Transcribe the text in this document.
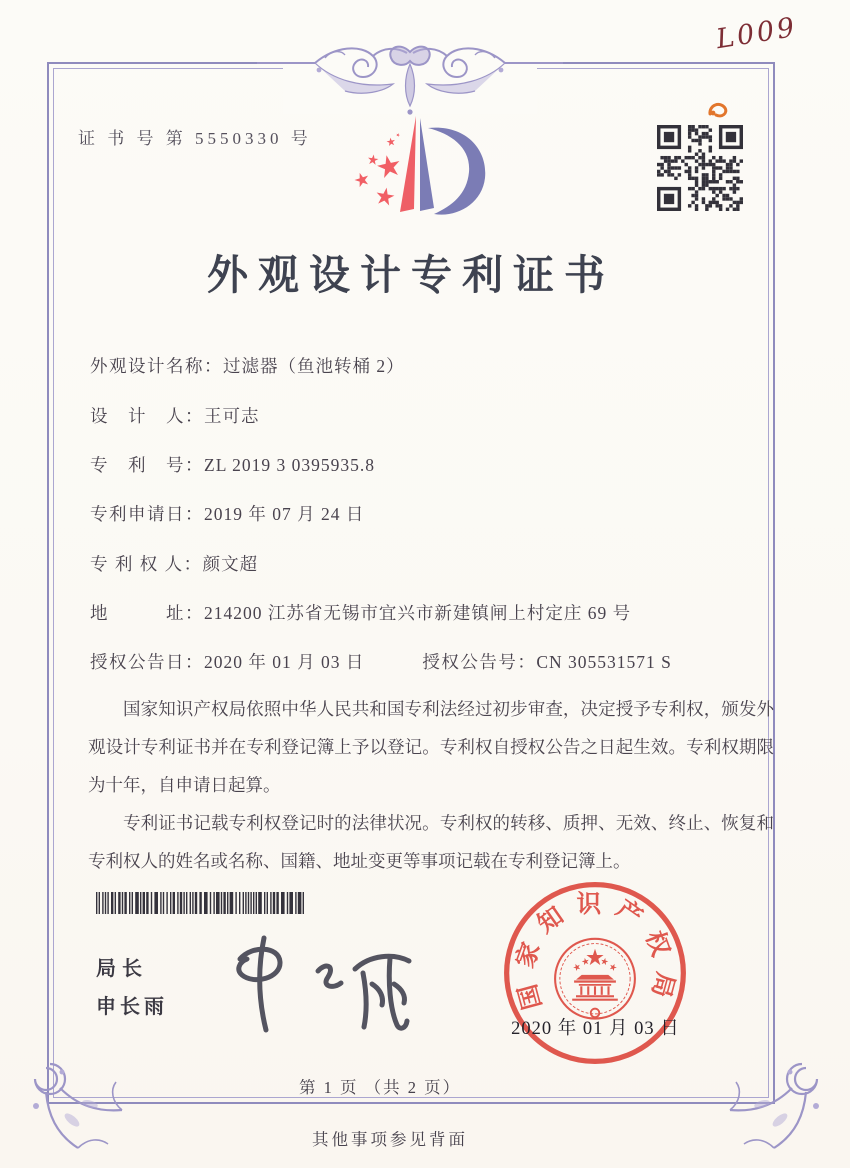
L009
证 书 号 第 5550330 号
外观设计专利证书
外观设计名称：过滤器（鱼池转桶 2）
设　计　人：王可志
专　利　号：ZL 2019 3 0395935.8
专利申请日：2019 年 07 月 24 日
专 利 权 人：颜文超
地　　　址：214200 江苏省无锡市宜兴市新建镇闸上村定庄 69 号
授权公告日：2020 年 01 月 03 日	授权公告号：CN 305531571 S

国家知识产权局依照中华人民共和国专利法经过初步审查，决定授予专利权，颁发外观设计专利证书并在专利登记簿上予以登记。专利权自授权公告之日起生效。专利权期限为十年，自申请日起算。

专利证书记载专利权登记时的法律状况。专利权的转移、质押、无效、终止、恢复和专利权人的姓名或名称、国籍、地址变更等事项记载在专利登记簿上。

局长
申长雨	国家知识产权局
2020 年 01 月 03 日
第 1 页 （共 2 页）
其他事项参见背面
